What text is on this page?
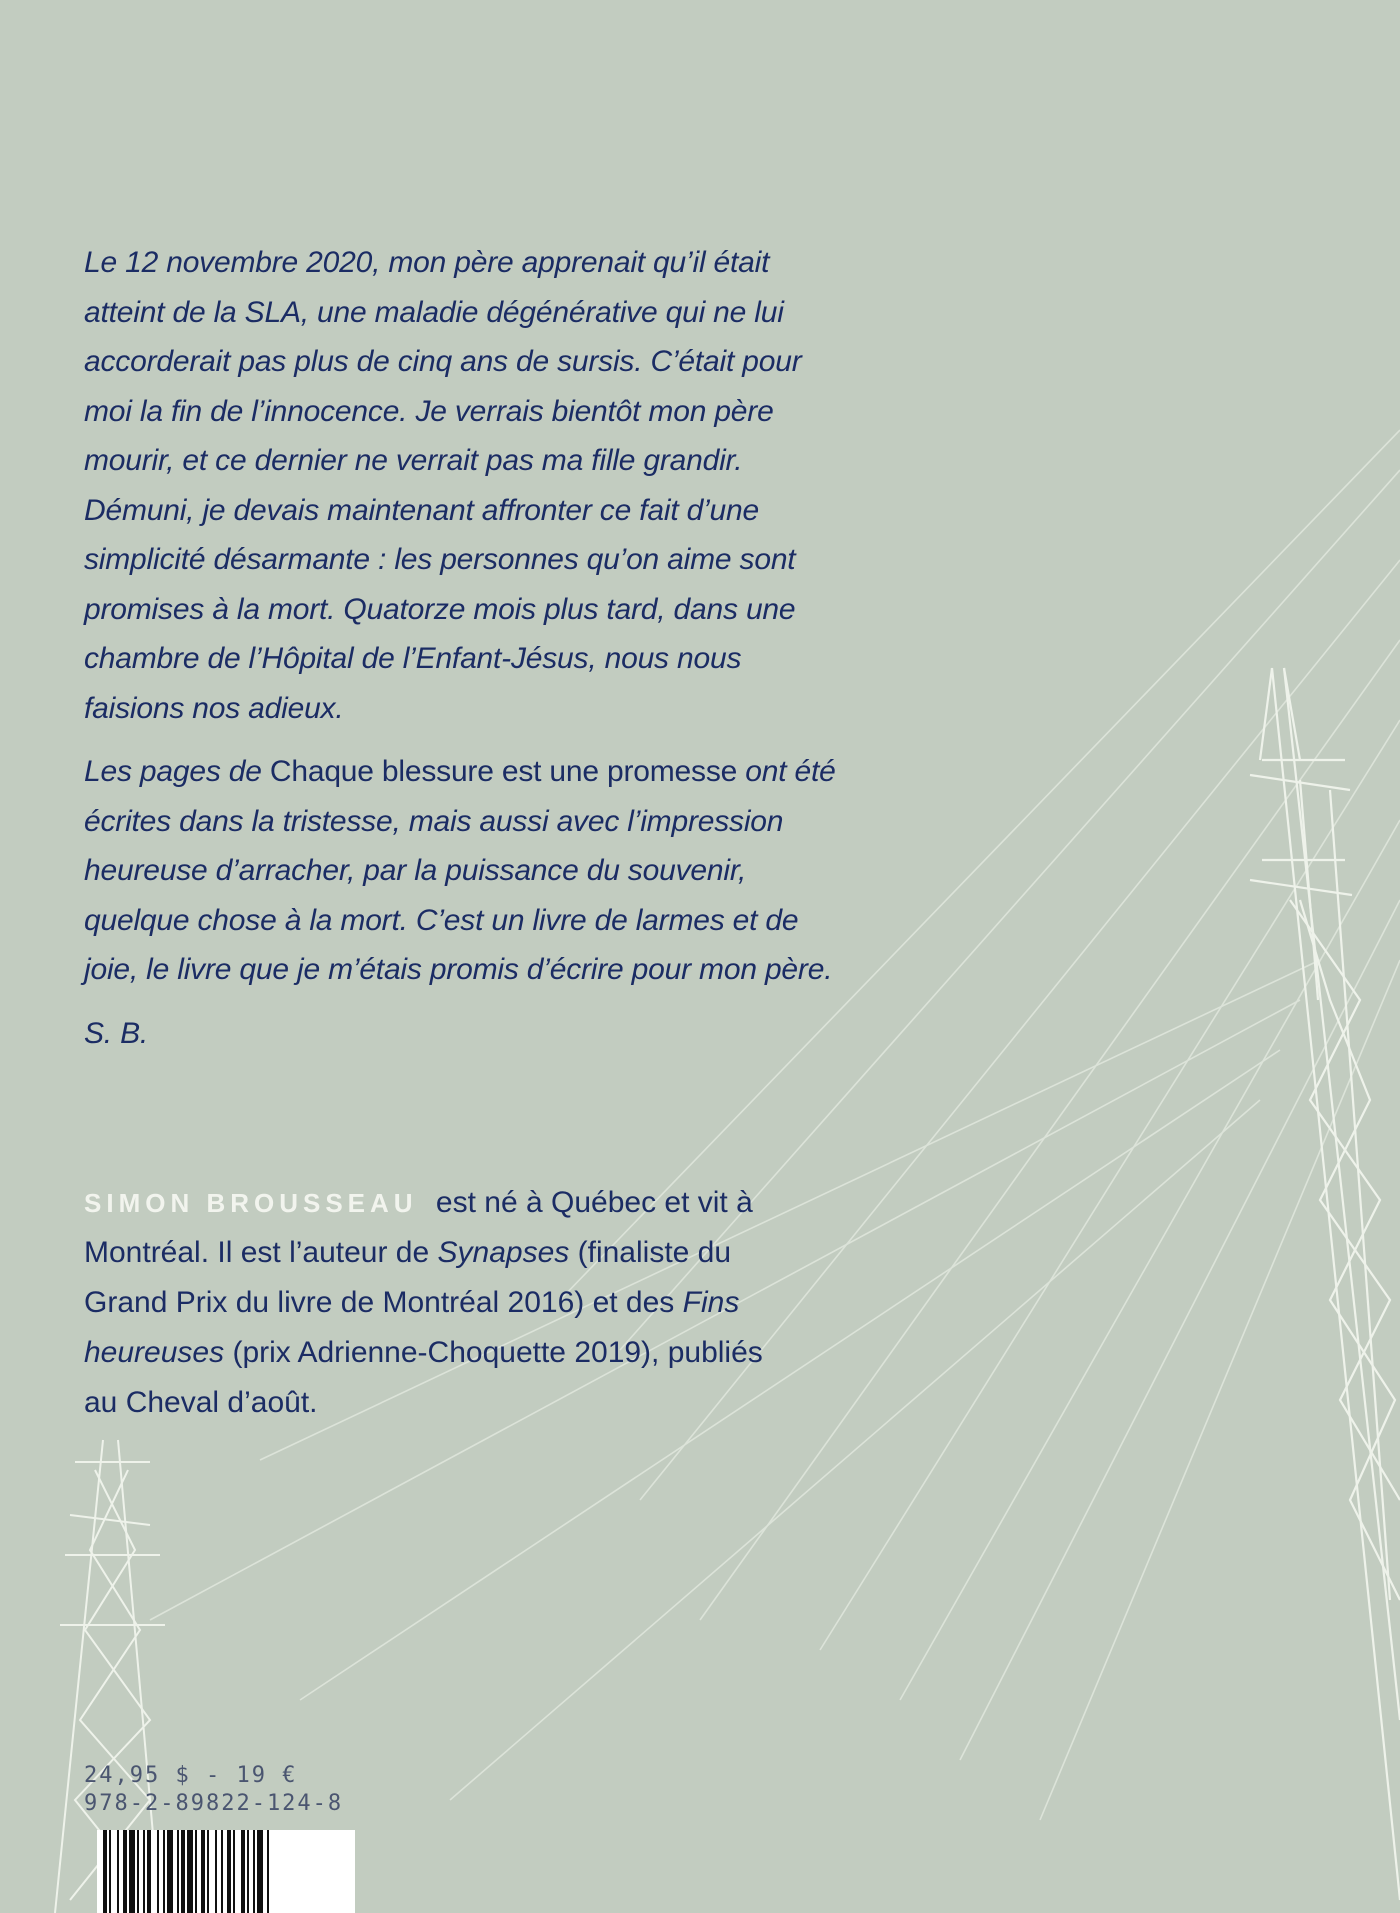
Le 12 novembre 2020, mon père apprenait qu’il était atteint de la SLA, une maladie dégénérative qui ne lui accorderait pas plus de cinq ans de sursis. C’était pour moi la fin de l’innocence. Je verrais bientôt mon père mourir, et ce dernier ne verrait pas ma fille grandir. Démuni, je devais maintenant affronter ce fait d’une simplicité désarmante : les personnes qu’on aime sont promises à la mort. Quatorze mois plus tard, dans une chambre de l’Hôpital de l’Enfant-Jésus, nous nous faisions nos adieux.

Les pages de Chaque blessure est une promesse ont été écrites dans la tristesse, mais aussi avec l’impression heureuse d’arracher, par la puissance du souvenir, quelque chose à la mort. C’est un livre de larmes et de joie, le livre que je m’étais promis d’écrire pour mon père.

S. B.

SIMON BROUSSEAU est né à Québec et vit à Montréal. Il est l’auteur de Synapses (finaliste du Grand Prix du livre de Montréal 2016) et des Fins heureuses (prix Adrienne-Choquette 2019), publiés au Cheval d’août.

24,95 $ - 19 €
978-2-89822-124-8
